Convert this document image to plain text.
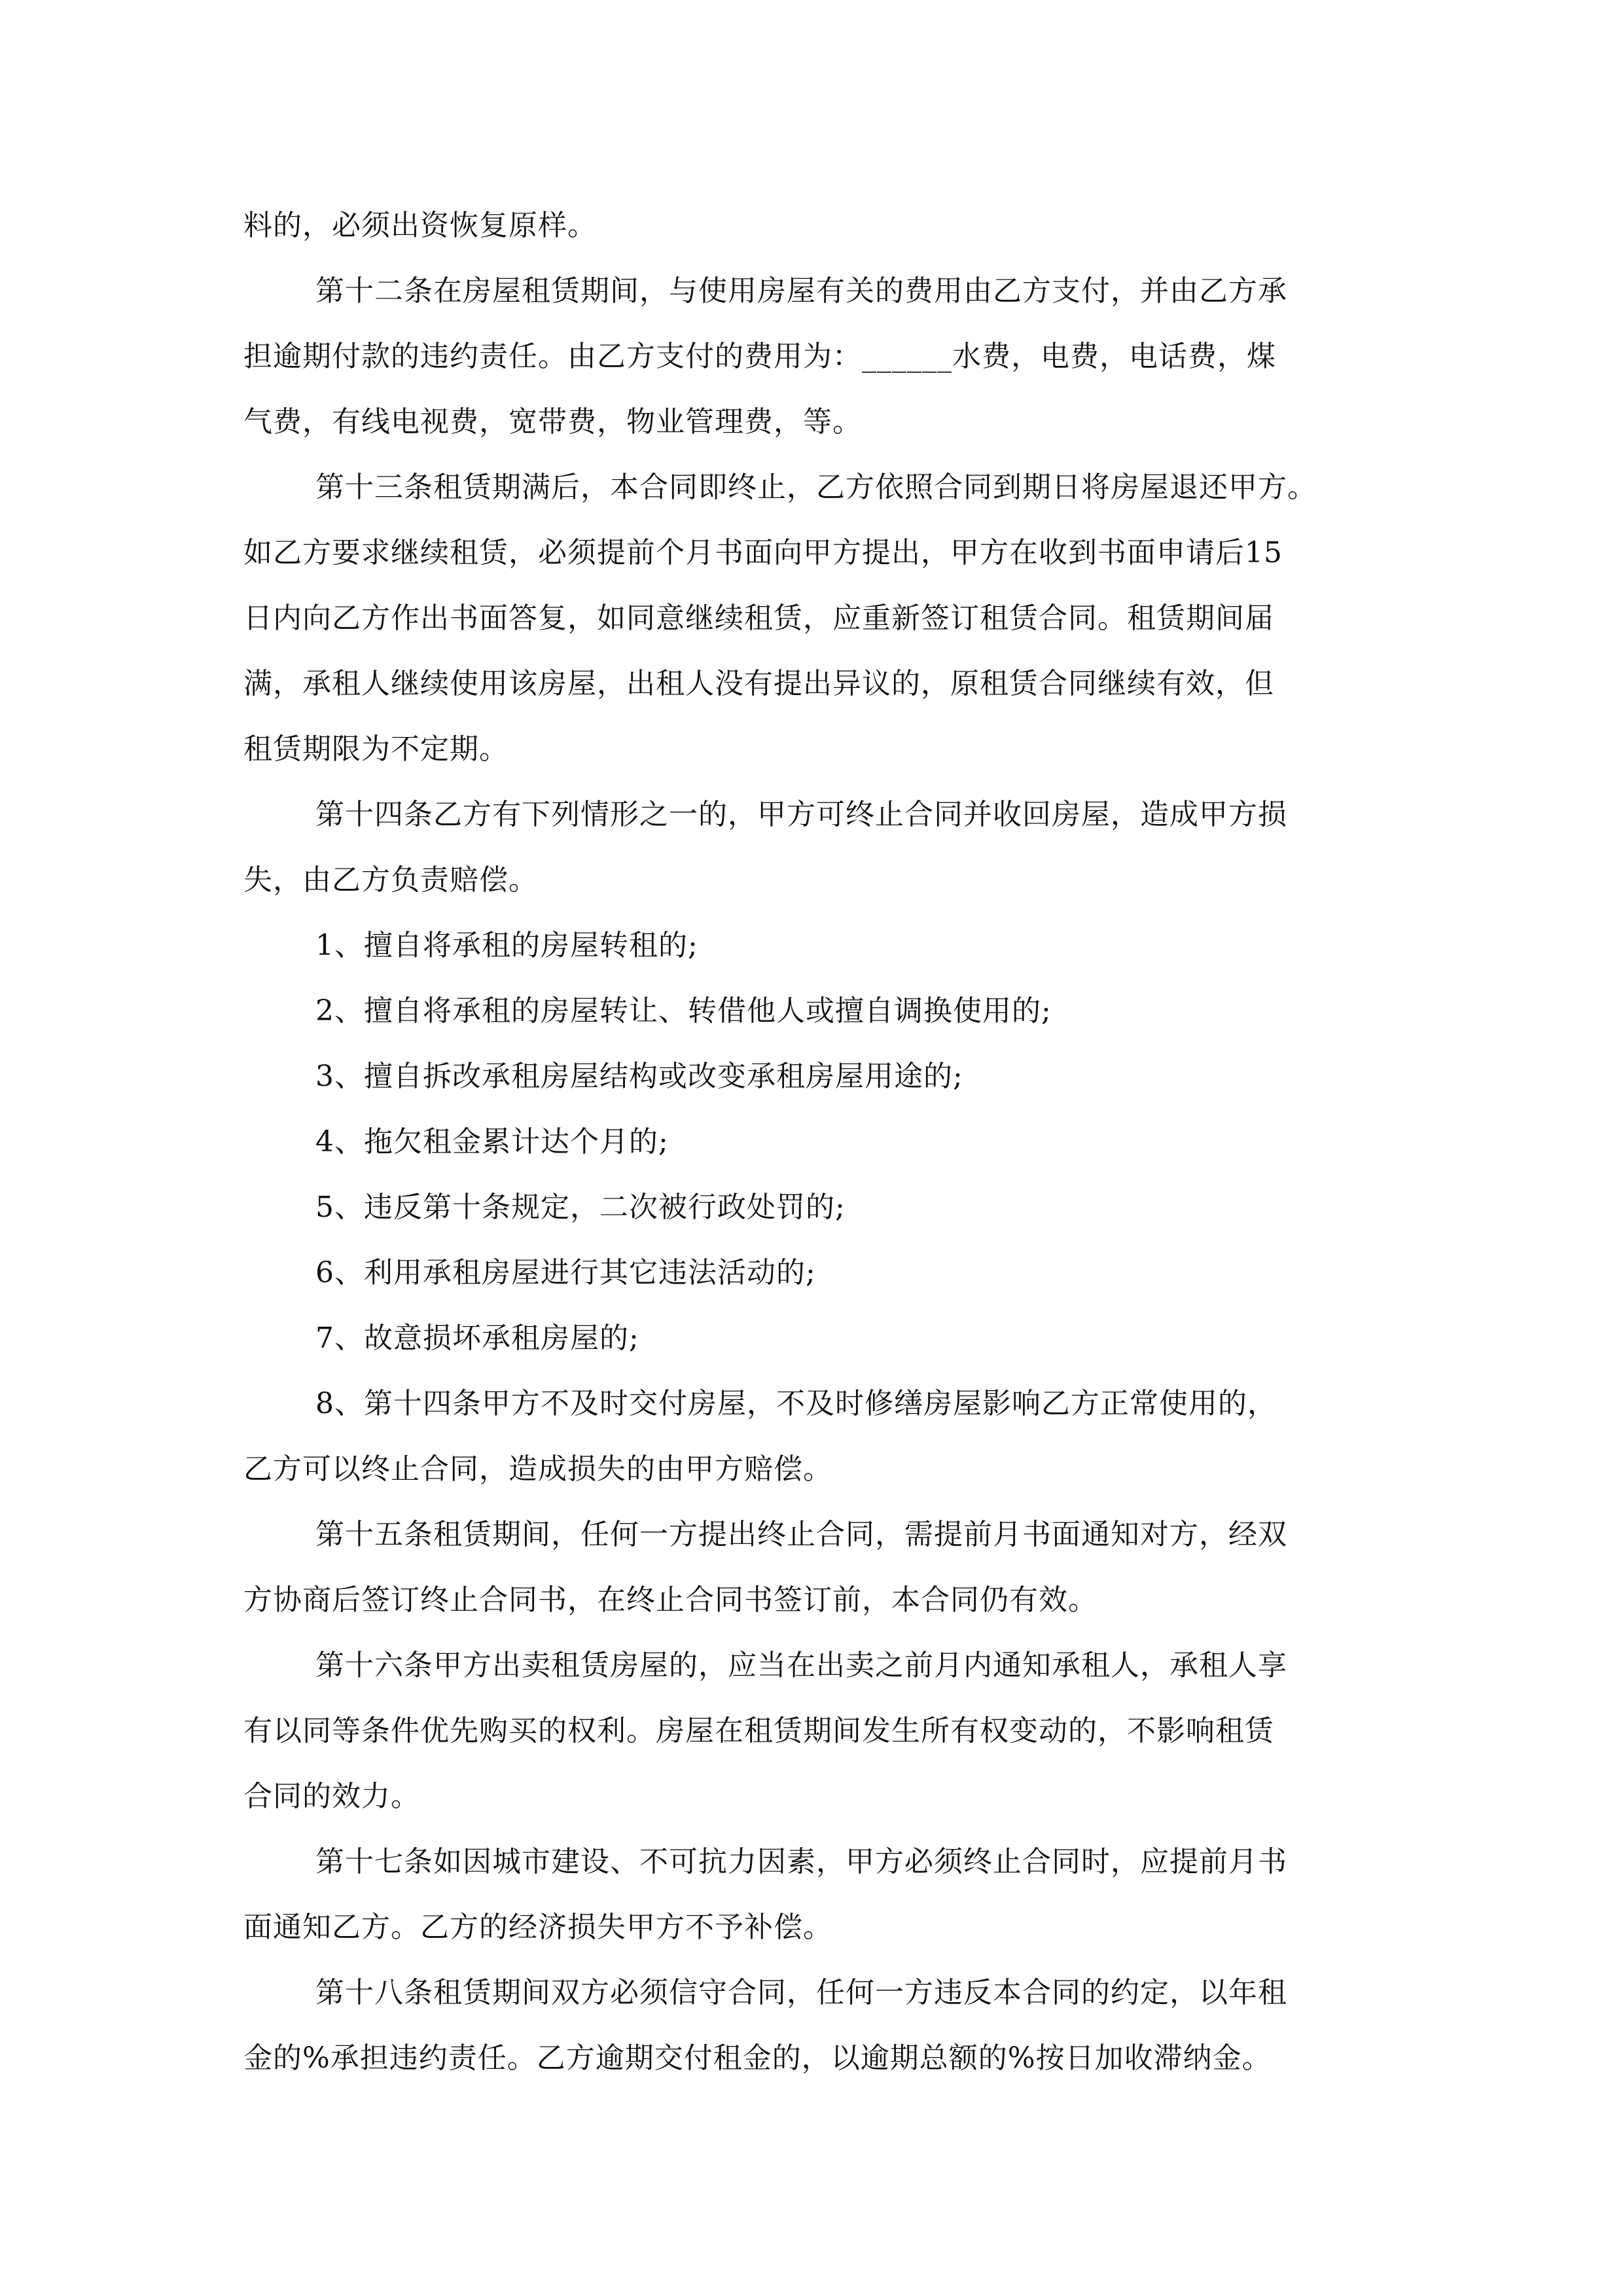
料的，必须出资恢复原样。

第十二条在房屋租赁期间，与使用房屋有关的费用由乙方支付，并由乙方承
担逾期付款的违约责任。由乙方支付的费用为：______水费，电费，电话费，煤
气费，有线电视费，宽带费，物业管理费，等。

第十三条租赁期满后，本合同即终止，乙方依照合同到期日将房屋退还甲方。
如乙方要求继续租赁，必须提前个月书面向甲方提出，甲方在收到书面申请后15
日内向乙方作出书面答复，如同意继续租赁，应重新签订租赁合同。租赁期间届
满，承租人继续使用该房屋，出租人没有提出异议的，原租赁合同继续有效，但
租赁期限为不定期。

第十四条乙方有下列情形之一的，甲方可终止合同并收回房屋，造成甲方损
失，由乙方负责赔偿。

1、擅自将承租的房屋转租的;

2、擅自将承租的房屋转让、转借他人或擅自调换使用的;

3、擅自拆改承租房屋结构或改变承租房屋用途的;

4、拖欠租金累计达个月的;

5、违反第十条规定，二次被行政处罚的;

6、利用承租房屋进行其它违法活动的;

7、故意损坏承租房屋的;

8、第十四条甲方不及时交付房屋，不及时修缮房屋影响乙方正常使用的，
乙方可以终止合同，造成损失的由甲方赔偿。

第十五条租赁期间，任何一方提出终止合同，需提前月书面通知对方，经双
方协商后签订终止合同书，在终止合同书签订前，本合同仍有效。

第十六条甲方出卖租赁房屋的，应当在出卖之前月内通知承租人，承租人享
有以同等条件优先购买的权利。房屋在租赁期间发生所有权变动的，不影响租赁
合同的效力。

第十七条如因城市建设、不可抗力因素，甲方必须终止合同时，应提前月书
面通知乙方。乙方的经济损失甲方不予补偿。

第十八条租赁期间双方必须信守合同，任何一方违反本合同的约定，以年租
金的%承担违约责任。乙方逾期交付租金的，以逾期总额的%按日加收滞纳金。
